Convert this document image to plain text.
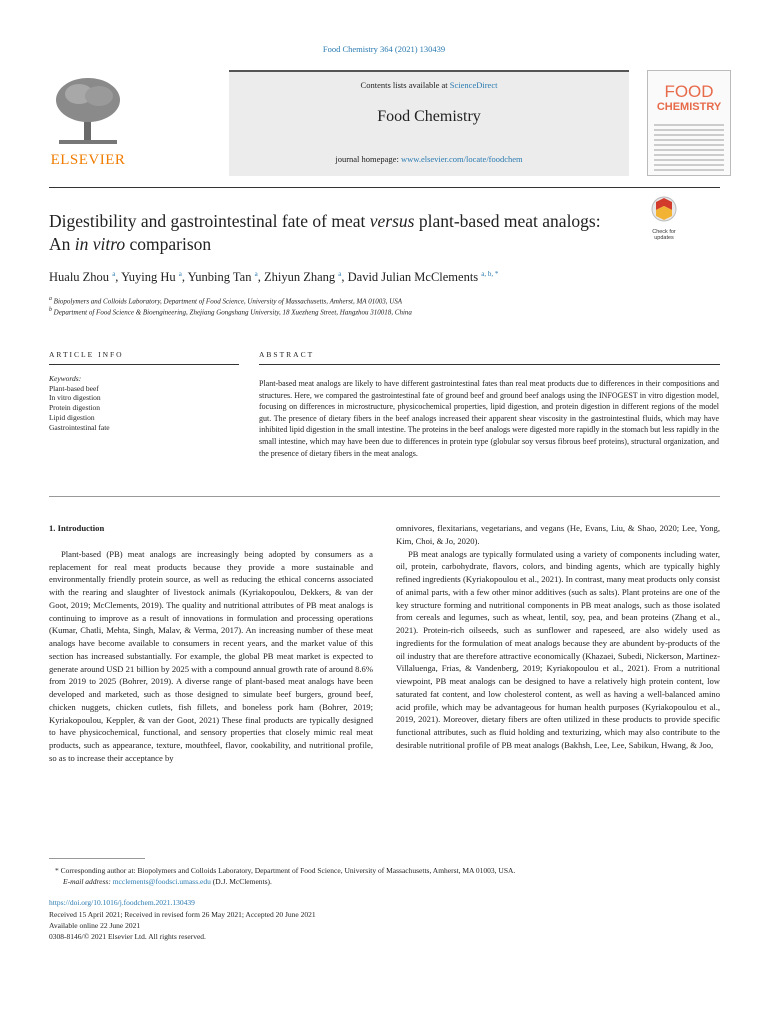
Food Chemistry 364 (2021) 130439
ELSEVIER
Contents lists available at ScienceDirect
Food Chemistry
journal homepage: www.elsevier.com/locate/foodchem
FOOD
CHEMISTRY
Digestibility and gastrointestinal fate of meat versus plant-based meat analogs: An in vitro comparison
Check for updates
Hualu Zhou $^a$, Yuying Hu $^a$, Yunbing Tan $^a$, Zhiyun Zhang $^a$, David Julian McClements $^{a, b, *}$
$^a$ Biopolymers and Colloids Laboratory, Department of Food Science, University of Massachusetts, Amherst, MA 01003, USA
$^b$ Department of Food Science & Bioengineering, Zhejiang Gongshang University, 18 Xuezheng Street, Hangzhou 310018, China
ARTICLE INFO	ABSTRACT
Keywords:
Plant-based beef
In vitro digestion
Protein digestion
Lipid digestion
Gastrointestinal fate
Plant-based meat analogs are likely to have different gastrointestinal fates than real meat products due to differences in their compositions and structures. Here, we compared the gastrointestinal fate of ground beef and ground beef analogs using the INFOGEST in vitro digestion model, focusing on differences in microstructure, physicochemical properties, lipid digestion, and protein digestion in different regions of the model gut. The presence of dietary fibers in the beef analogs increased their apparent shear viscosity in the gastrointestinal fluids, which may have inhibited lipid digestion in the small intestine. The proteins in the beef analogs were digested more rapidly in the stomach but less rapidly in the small intestine, which may have been due to differences in protein type (globular soy versus fibrous beef proteins), structural organization, and the presence of dietary fibers in the meat analogs.
1. Introduction

Plant-based (PB) meat analogs are increasingly being adopted by consumers as a replacement for real meat products because they provide a more sustainable and environmentally friendly protein source, as well as reducing the ethical concerns associated with the rearing and slaughter of livestock animals (Kyriakopoulou, Dekkers, & van der Goot, 2019; McClements, 2019). The quality and nutritional attributes of PB meat analogs is continuing to improve as a result of innovations in formulation and processing operations (Kumar, Chatli, Mehta, Singh, Malav, & Verma, 2017). An increasing number of these meat analogs have become available to consumers in recent years, and the market value of this section has increased substantially. For example, the global PB meat market is expected to generate around USD 21 billion by 2025 with a compound annual growth rate of around 8.6% from 2019 to 2025 (Bohrer, 2019). A diverse range of plant-based meat analogs have been developed and marketed, such as those designed to simulate beef burgers, ground beef, chicken nuggets, chicken cutlets, fish fillets, and boneless pork ham (Bohrer, 2019; Kyriakopoulou, Keppler, & van der Goot, 2021) These final products are typically designed to have physicochemical, functional, and sensory properties that closely mimic real meat products, such as appearance, texture, mouthfeel, flavor, cookability, and nutritional profile, so as to increase their acceptance by

omnivores, flexitarians, vegetarians, and vegans (He, Evans, Liu, & Shao, 2020; Lee, Yong, Kim, Choi, & Jo, 2020).

PB meat analogs are typically formulated using a variety of components including water, oil, protein, carbohydrate, flavors, colors, and binding agents, which are typically highly refined ingredients (Kyriakopoulou et al., 2021). In contrast, many meat products only consist of animal parts, with a few other minor additives (such as salts). Plant proteins are one of the key structure forming and nutritional components in PB meat analogs, such as those isolated from cereals and legumes, such as wheat, lentil, soy, pea, and bean proteins (Zhang et al., 2021). Protein-rich oilseeds, such as sunflower and rapeseed, are also widely used as ingredients for the formulation of meat analogs because they are abundent by-products of the oil industry that are therefore attractive economically (Khazaei, Subedi, Nickerson, Martinez-Villaluenga, Frias, & Vandenberg, 2019; Kyriakopoulou et al., 2021). From a nutritional viewpoint, PB meat analogs can be designed to have a relatively high protein content, low saturated fat content, and low cholesterol content, as well as having a well-balanced amino acid profile, which may be advantageous for human health purposes (Kyriakopoulou et al., 2019, 2021). Moreover, dietary fibers are often utilized in these products to provide specific functional attributes, such as fluid holding and texturizing, which may also contribute to the desirable nutritional profile of PB meat analogs (Bakhsh, Lee, Lee, Sabikun, Hwang, & Joo,

* Corresponding author at: Biopolymers and Colloids Laboratory, Department of Food Science, University of Massachusetts, Amherst, MA 01003, USA.
E-mail address: mcclements@foodsci.umass.edu (D.J. McClements).
https://doi.org/10.1016/j.foodchem.2021.130439
Received 15 April 2021; Received in revised form 26 May 2021; Accepted 20 June 2021
Available online 22 June 2021
0308-8146/© 2021 Elsevier Ltd. All rights reserved.
